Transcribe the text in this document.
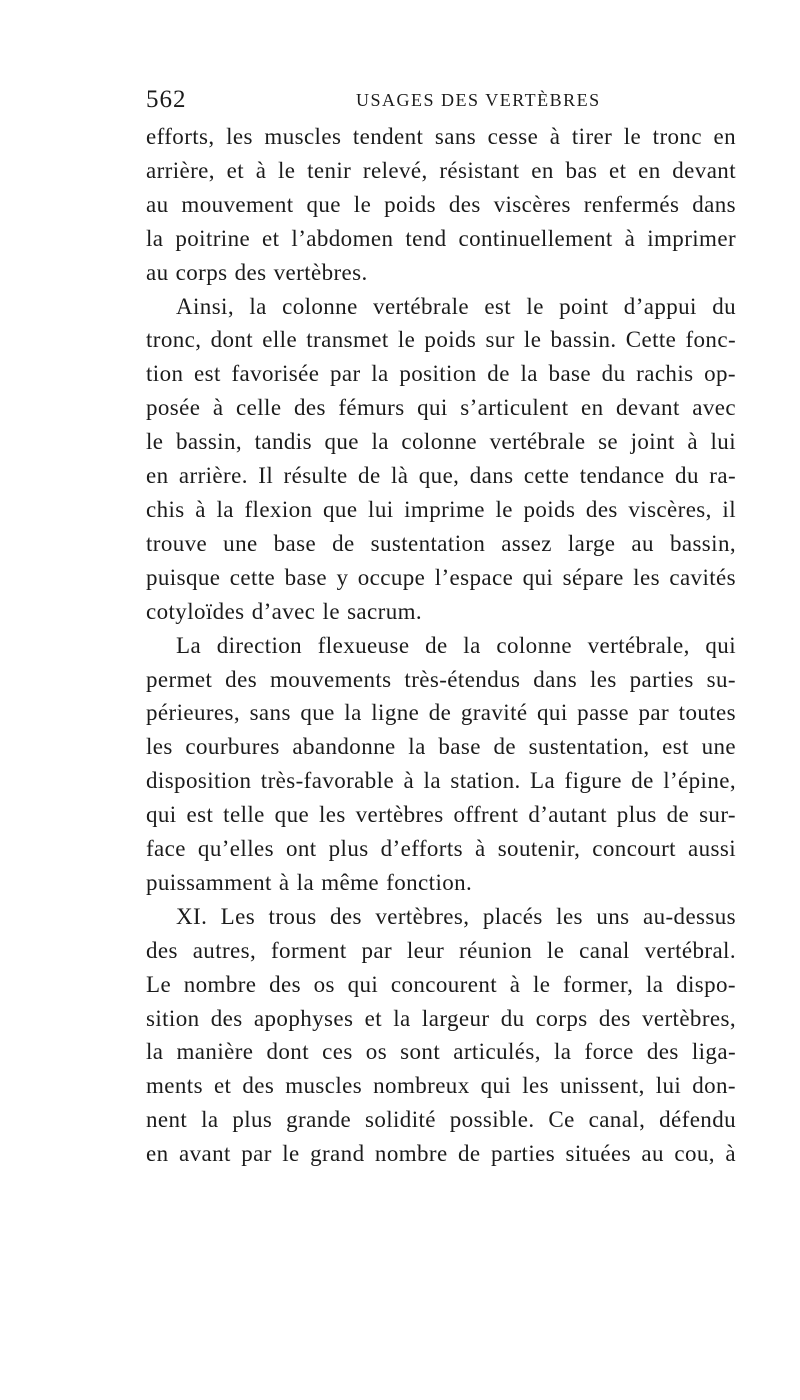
562	USAGES DES VERTÈBRES
efforts, les muscles tendent sans cesse à tirer le tronc en
arrière, et à le tenir relevé, résistant en bas et en devant
au mouvement que le poids des viscères renfermés dans
la poitrine et l’abdomen tend continuellement à imprimer
au corps des vertèbres.
Ainsi, la colonne vertébrale est le point d’appui du
tronc, dont elle transmet le poids sur le bassin. Cette fonc-
tion est favorisée par la position de la base du rachis op-
posée à celle des fémurs qui s’articulent en devant avec
le bassin, tandis que la colonne vertébrale se joint à lui
en arrière. Il résulte de là que, dans cette tendance du ra-
chis à la flexion que lui imprime le poids des viscères, il
trouve une base de sustentation assez large au bassin,
puisque cette base y occupe l’espace qui sépare les cavités
cotyloïdes d’avec le sacrum.
La direction flexueuse de la colonne vertébrale, qui
permet des mouvements très-étendus dans les parties su-
périeures, sans que la ligne de gravité qui passe par toutes
les courbures abandonne la base de sustentation, est une
disposition très-favorable à la station. La figure de l’épine,
qui est telle que les vertèbres offrent d’autant plus de sur-
face qu’elles ont plus d’efforts à soutenir, concourt aussi
puissamment à la même fonction.
XI. Les trous des vertèbres, placés les uns au-dessus
des autres, forment par leur réunion le canal vertébral.
Le nombre des os qui concourent à le former, la dispo-
sition des apophyses et la largeur du corps des vertèbres,
la manière dont ces os sont articulés, la force des liga-
ments et des muscles nombreux qui les unissent, lui don-
nent la plus grande solidité possible. Ce canal, défendu
en avant par le grand nombre de parties situées au cou, à
